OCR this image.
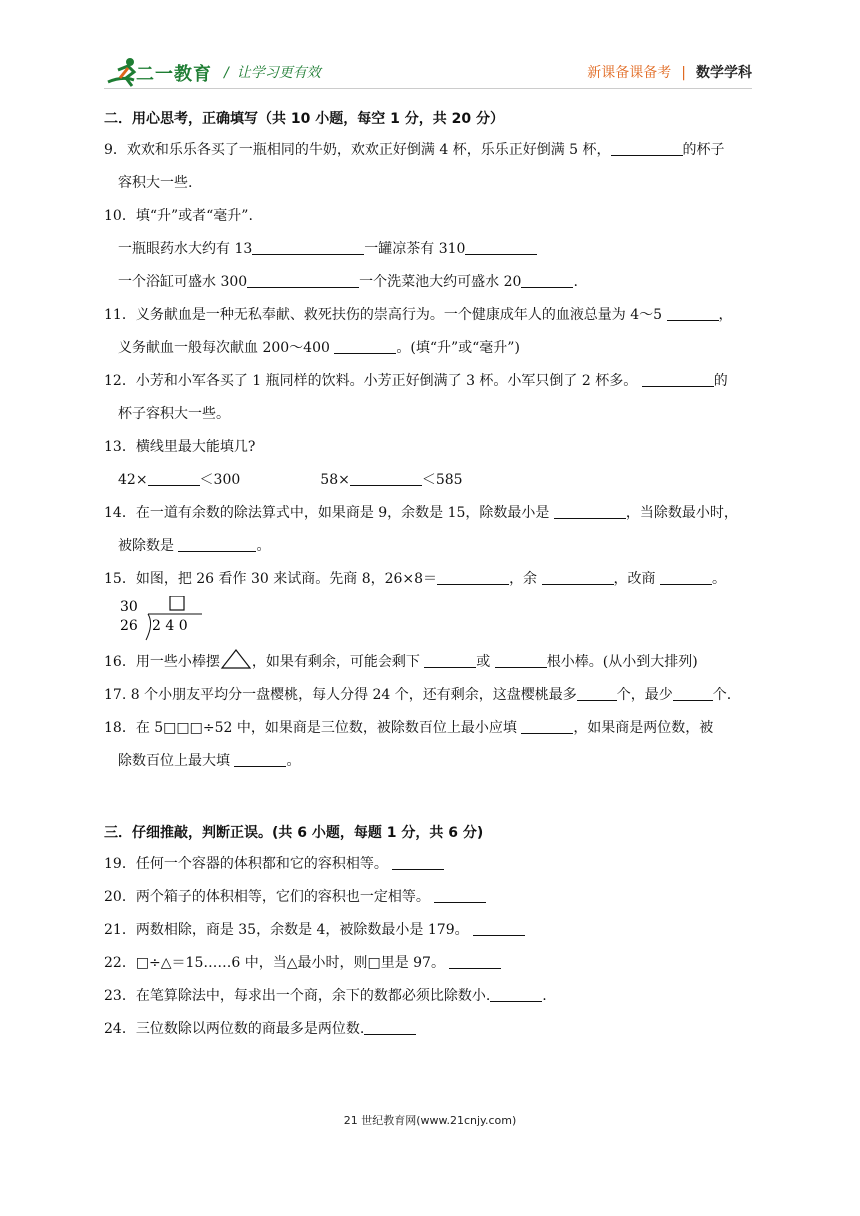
二一教育 / 让学习更有效	新课备课备考 | 数学学科
二．用心思考，正确填写（共 10 小题，每空 1 分，共 20 分）
9．欢欢和乐乐各买了一瓶相同的牛奶，欢欢正好倒满 4 杯，乐乐正好倒满 5 杯，	的杯子
容积大一些.
10．填“升”或者“毫升”.
一瓶眼药水大约有 13	一罐凉茶有 310
一个浴缸可盛水 300	一个洗菜池大约可盛水 20	.
11．义务献血是一种无私奉献、救死扶伤的崇高行为。一个健康成年人的血液总量为 4～5	，
义务献血一般每次献血 200～400	。(填“升”或“毫升”)
12．小芳和小军各买了 1 瓶同样的饮料。小芳正好倒满了 3 杯。小军只倒了 2 杯多。	的
杯子容积大一些。
13．横线里最大能填几?
42×	＜300	58×	＜585
14．在一道有余数的除法算式中，如果商是 9，余数是 15，除数最小是	，当除数最小时，
被除数是	。
15．如图，把 26 看作 30 来试商。先商 8，26×8＝	，余	，改商	。
30
26 2 4 0
16．用一些小棒摆 ，如果有剩余，可能会剩下	或	根小棒。(从小到大排列)
17. 8 个小朋友平均分一盘樱桃，每人分得 24 个，还有剩余，这盘樱桃最多	个，最少	个.
18．在 5□□□÷52 中，如果商是三位数，被除数百位上最小应填	，如果商是两位数，被
除数百位上最大填	。
三．仔细推敲，判断正误。(共 6 小题，每题 1 分，共 6 分)
19．任何一个容器的体积都和它的容积相等。
20．两个箱子的体积相等，它们的容积也一定相等。
21．两数相除，商是 35，余数是 4，被除数最小是 179。
22．□÷△＝15……6 中，当△最小时，则□里是 97。
23．在笔算除法中，每求出一个商，余下的数都必须比除数小.	.
24．三位数除以两位数的商最多是两位数.
21 世纪教育网(www.21cnjy.com)
